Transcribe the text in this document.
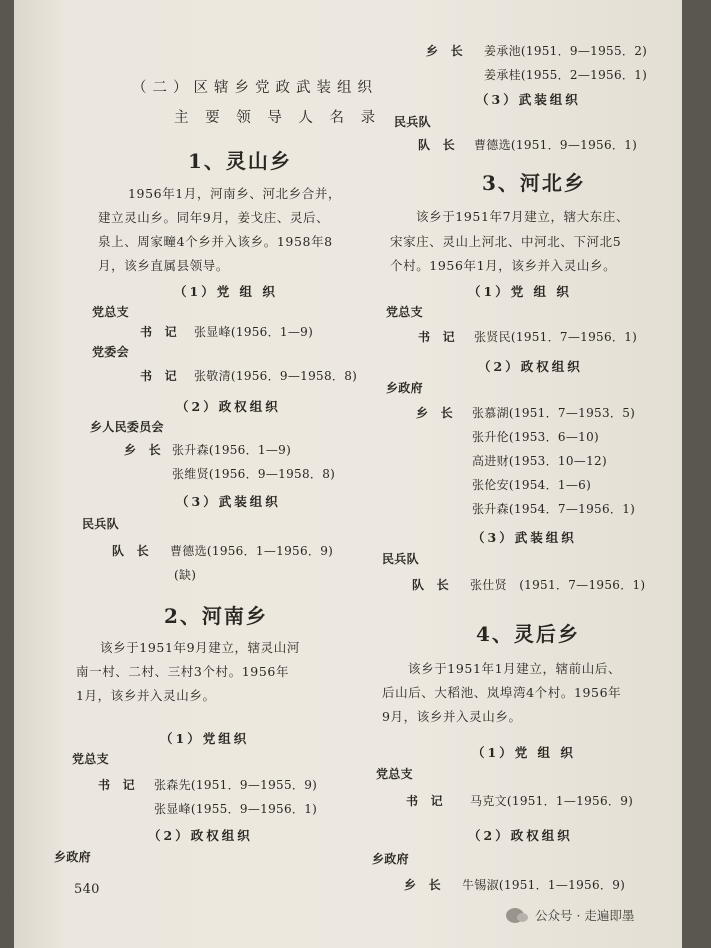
（二）区辖乡党政武装组织
主 要 领 导 人 名 录
1、灵山乡
1956年1月，河南乡、河北乡合并，
建立灵山乡。同年9月，姜戈庄、灵后、
泉上、周家疃4个乡并入该乡。1958年8
月，该乡直属县领导。
（1）党 组 织
党总支
书　记 张显峰(1956．1—9)
党委会
书　记 张敬清(1956．9—1958．8)
（2）政权组织
乡人民委员会
乡　长 张升森(1956．1—9)
张维贤(1956．9—1958．8)
（3）武装组织
民兵队
队　长 曹德选(1956．1—1956．9)
(缺)
2、河南乡
该乡于1951年9月建立，辖灵山河
南一村、二村、三村3个村。1956年
1月，该乡并入灵山乡。
（1）党组织
党总支
书　记 张森先(1951．9—1955．9)
张显峰(1955．9—1956．1)
（2）政权组织
乡政府
540
乡　长 姜承池(1951．9—1955．2)
姜承桂(1955．2—1956．1)
（3）武装组织
民兵队
队　长 曹德选(1951．9—1956．1)
3、河北乡
该乡于1951年7月建立，辖大东庄、
宋家庄、灵山上河北、中河北、下河北5
个村。1956年1月，该乡并入灵山乡。
（1）党 组 织
党总支
书　记 张贤民(1951．7—1956．1)
（2）政权组织
乡政府
乡　长 张慕湖(1951．7—1953．5)
张升伦(1953．6—10)
高进财(1953．10—12)
张伦安(1954．1—6)
张升森(1954．7—1956．1)
（3）武装组织
民兵队
队　长 张仕贤　(1951．7—1956．1)
4、灵后乡
该乡于1951年1月建立，辖前山后、
后山后、大稻池、岚埠湾4个村。1956年
9月，该乡并入灵山乡。
（1）党 组 织
党总支
书　记 马克文(1951．1—1956．9)
（2）政权组织
乡政府
乡　长 牛锡淑(1951．1—1956．9)
公众号 · 走遍即墨
